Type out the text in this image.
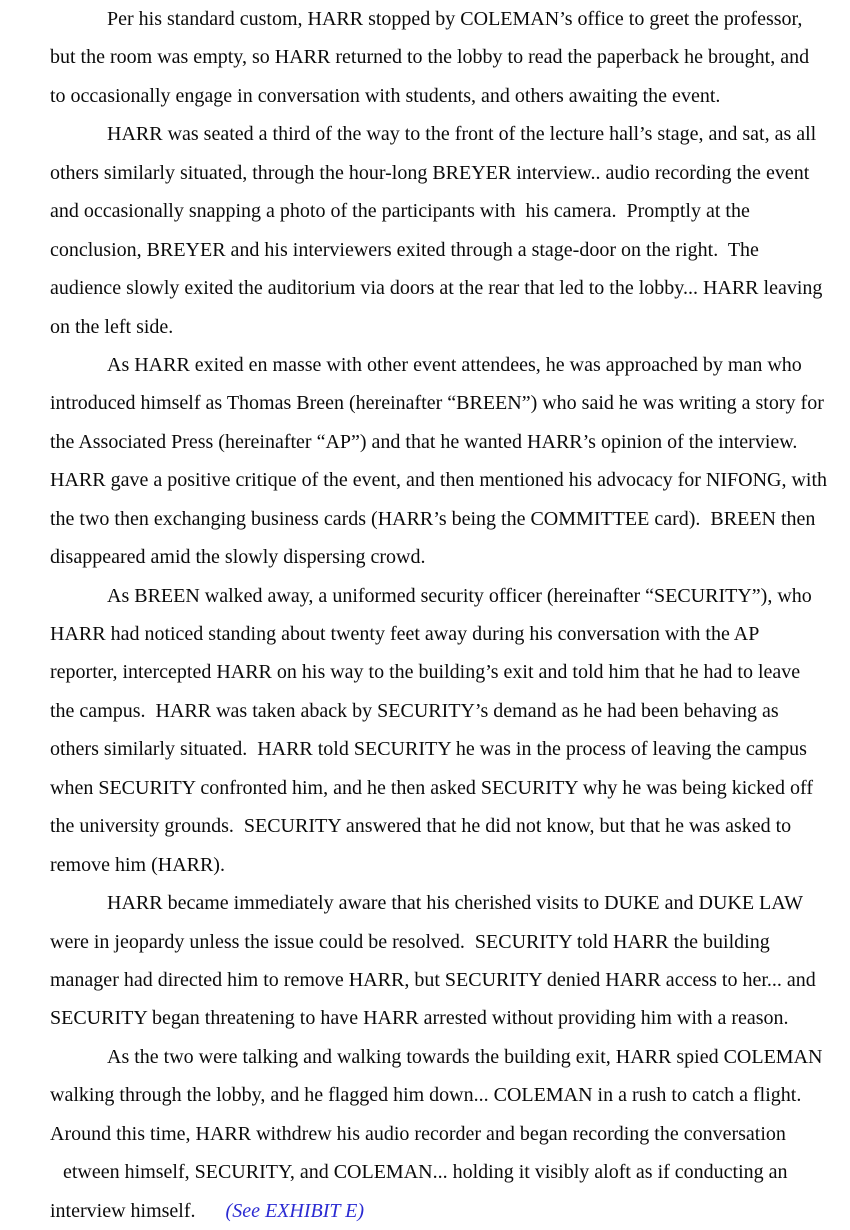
Per his standard custom, HARR stopped by COLEMAN’s office to greet the professor,
but the room was empty, so HARR returned to the lobby to read the paperback he brought, and
to occasionally engage in conversation with students, and others awaiting the event.
HARR was seated a third of the way to the front of the lecture hall’s stage, and sat, as all
others similarly situated, through the hour-long BREYER interview.. audio recording the event
and occasionally snapping a photo of the participants with  his camera.  Promptly at the
conclusion, BREYER and his interviewers exited through a stage-door on the right.  The
audience slowly exited the auditorium via doors at the rear that led to the lobby... HARR leaving
on the left side.
As HARR exited en masse with other event attendees, he was approached by man who
introduced himself as Thomas Breen (hereinafter “BREEN”) who said he was writing a story for
the Associated Press (hereinafter “AP”) and that he wanted HARR’s opinion of the interview.
HARR gave a positive critique of the event, and then mentioned his advocacy for NIFONG, with
the two then exchanging business cards (HARR’s being the COMMITTEE card).  BREEN then
disappeared amid the slowly dispersing crowd.
As BREEN walked away, a uniformed security officer (hereinafter “SECURITY”), who
HARR had noticed standing about twenty feet away during his conversation with the AP
reporter, intercepted HARR on his way to the building’s exit and told him that he had to leave
the campus.  HARR was taken aback by SECURITY’s demand as he had been behaving as
others similarly situated.  HARR told SECURITY he was in the process of leaving the campus
when SECURITY confronted him, and he then asked SECURITY why he was being kicked off
the university grounds.  SECURITY answered that he did not know, but that he was asked to
remove him (HARR).
HARR became immediately aware that his cherished visits to DUKE and DUKE LAW
were in jeopardy unless the issue could be resolved.  SECURITY told HARR the building
manager had directed him to remove HARR, but SECURITY denied HARR access to her... and
SECURITY began threatening to have HARR arrested without providing him with a reason.
As the two were talking and walking towards the building exit, HARR spied COLEMAN
walking through the lobby, and he flagged him down... COLEMAN in a rush to catch a flight.
Around this time, HARR withdrew his audio recorder and began recording the conversation
etween himself, SECURITY, and COLEMAN... holding it visibly aloft as if conducting an
interview himself. (See EXHIBIT E)
